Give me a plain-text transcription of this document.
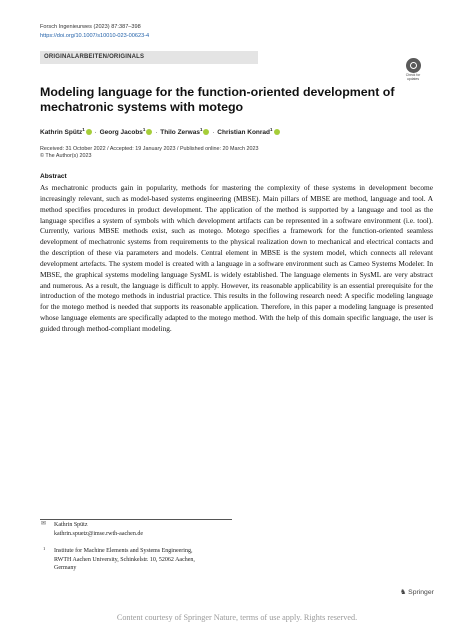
Forsch Ingenieurwes (2023) 87:387–398
https://doi.org/10.1007/s10010-023-00623-4
ORIGINALARBEITEN/ORIGINALS
Check for updates
Modeling language for the function-oriented development of mechatronic systems with motego
Kathrin Spütz$^1$ · Georg Jacobs$^1$ · Thilo Zerwas$^1$ · Christian Konrad$^1$
Received: 31 October 2022 / Accepted: 19 January 2023 / Published online: 20 March 2023
© The Author(s) 2023
Abstract
As mechatronic products gain in popularity, methods for mastering the complexity of these systems in development become increasingly relevant, such as model-based systems engineering (MBSE). Main pillars of MBSE are method, language and tool. A method specifies procedures in product development. The application of the method is supported by a language and tool as the language specifies a system of symbols with which development artifacts can be represented in a software environment (i.e. tool). Currently, various MBSE methods exist, such as motego. Motego specifies a framework for the function-oriented seamless development of mechatronic systems from requirements to the physical realization down to mechanical and electrical contacts and the description of these via parameters and models. Central element in MBSE is the system model, which connects all relevant development artefacts. The system model is created with a language in a software environment such as Cameo Systems Modeler. In MBSE, the graphical systems modeling language SysML is widely established. The language elements in SysML are very abstract and numerous. As a result, the language is difficult to apply. However, its reasonable applicability is an essential prerequisite for the introduction of the motego methods in industrial practice. This results in the following research need: A specific modeling language for the motego method is needed that supports its reasonable application. Therefore, in this paper a modeling language is presented whose language elements are specifically adapted to the motego method. With the help of this domain specific language, the user is guided through method-compliant modeling.
✉ Kathrin Spütz
kathrin.spuetz@imse.rwth-aachen.de
1 Institute for Machine Elements and Systems Engineering,
RWTH Aachen University, Schinkelstr. 10, 52062 Aachen,
Germany
♞ Springer
Content courtesy of Springer Nature, terms of use apply. Rights reserved.
